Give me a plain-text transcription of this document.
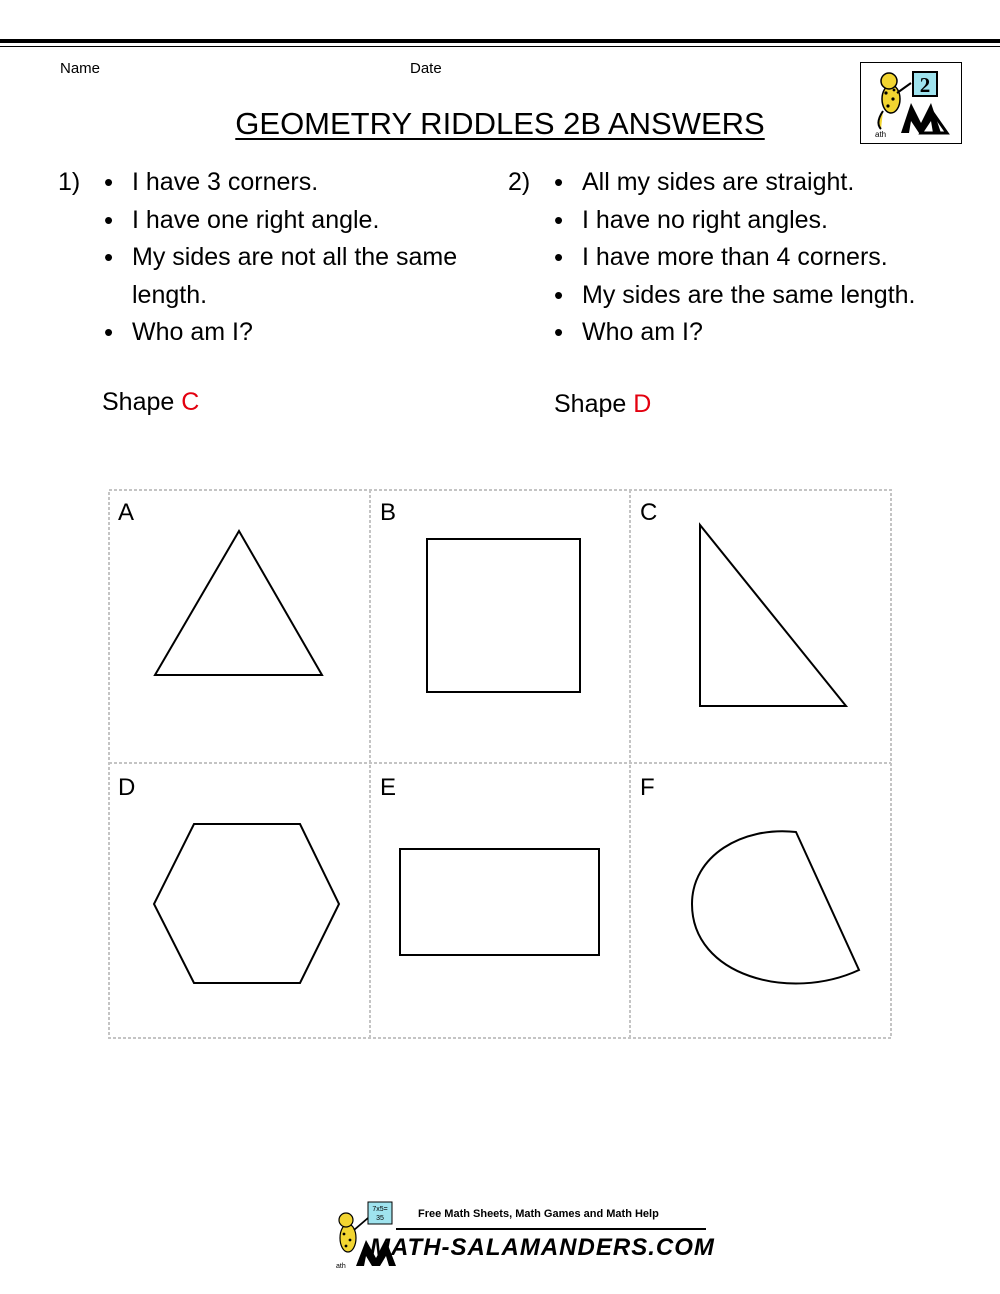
Name	Date
GEOMETRY RIDDLES 2B ANSWERS
2
ath
1)	• I have 3 corners.
• I have one right angle.
• My sides are not all the same length.
• Who am I?
Shape C
2)	• All my sides are straight.
• I have no right angles.
• I have more than 4 corners.
• My sides are the same length.
• Who am I?
Shape D
A	B	C
D	E	F
7x5=
35
ath
Free Math Sheets, Math Games and Math Help
MATH-SALAMANDERS.COM
